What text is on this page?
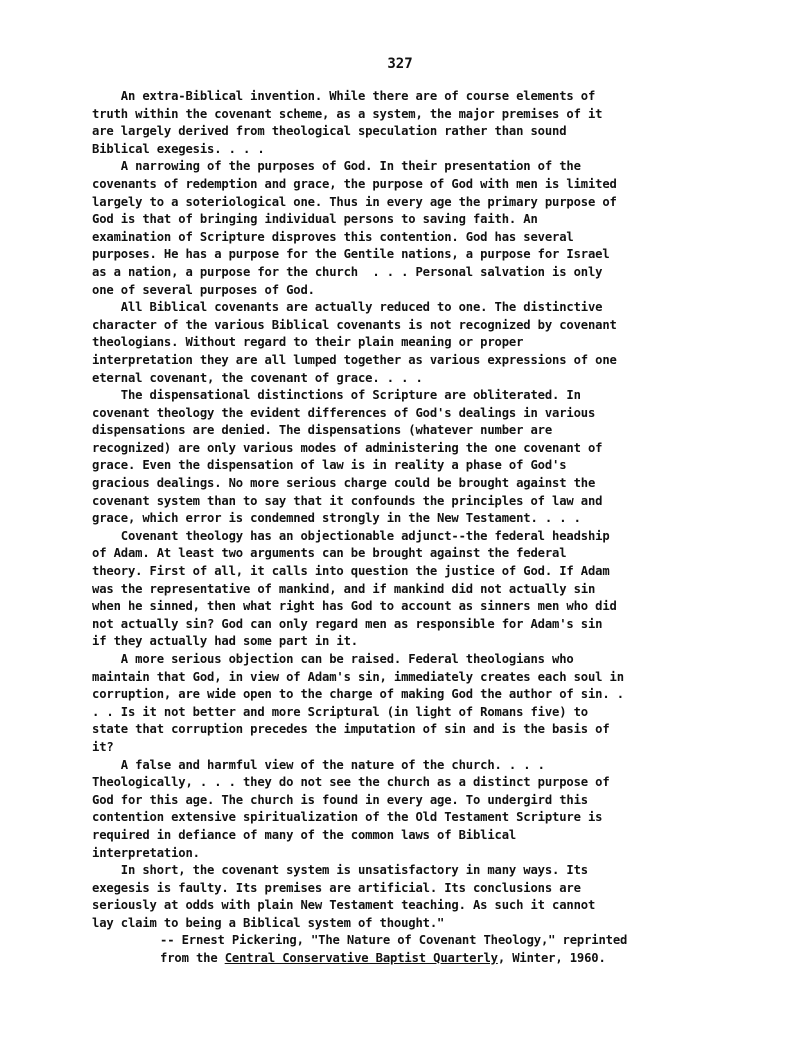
327
An extra-Biblical invention. While there are of course elements of
truth within the covenant scheme, as a system, the major premises of it
are largely derived from theological speculation rather than sound
Biblical exegesis. . . .
A narrowing of the purposes of God. In their presentation of the
covenants of redemption and grace, the purpose of God with men is limited
largely to a soteriological one. Thus in every age the primary purpose of
God is that of bringing individual persons to saving faith. An
examination of Scripture disproves this contention. God has several
purposes. He has a purpose for the Gentile nations, a purpose for Israel
as a nation, a purpose for the church  . . . Personal salvation is only
one of several purposes of God.
All Biblical covenants are actually reduced to one. The distinctive
character of the various Biblical covenants is not recognized by covenant
theologians. Without regard to their plain meaning or proper
interpretation they are all lumped together as various expressions of one
eternal covenant, the covenant of grace. . . .
The dispensational distinctions of Scripture are obliterated. In
covenant theology the evident differences of God's dealings in various
dispensations are denied. The dispensations (whatever number are
recognized) are only various modes of administering the one covenant of
grace. Even the dispensation of law is in reality a phase of God's
gracious dealings. No more serious charge could be brought against the
covenant system than to say that it confounds the principles of law and
grace, which error is condemned strongly in the New Testament. . . .
Covenant theology has an objectionable adjunct--the federal headship
of Adam. At least two arguments can be brought against the federal
theory. First of all, it calls into question the justice of God. If Adam
was the representative of mankind, and if mankind did not actually sin
when he sinned, then what right has God to account as sinners men who did
not actually sin? God can only regard men as responsible for Adam's sin
if they actually had some part in it.
A more serious objection can be raised. Federal theologians who
maintain that God, in view of Adam's sin, immediately creates each soul in
corruption, are wide open to the charge of making God the author of sin. .
. . Is it not better and more Scriptural (in light of Romans five) to
state that corruption precedes the imputation of sin and is the basis of
it?
A false and harmful view of the nature of the church. . . .
Theologically, . . . they do not see the church as a distinct purpose of
God for this age. The church is found in every age. To undergird this
contention extensive spiritualization of the Old Testament Scripture is
required in defiance of many of the common laws of Biblical
interpretation.
In short, the covenant system is unsatisfactory in many ways. Its
exegesis is faulty. Its premises are artificial. Its conclusions are
seriously at odds with plain New Testament teaching. As such it cannot
lay claim to being a Biblical system of thought."
-- Ernest Pickering, "The Nature of Covenant Theology," reprinted
from the Central Conservative Baptist Quarterly, Winter, 1960.
